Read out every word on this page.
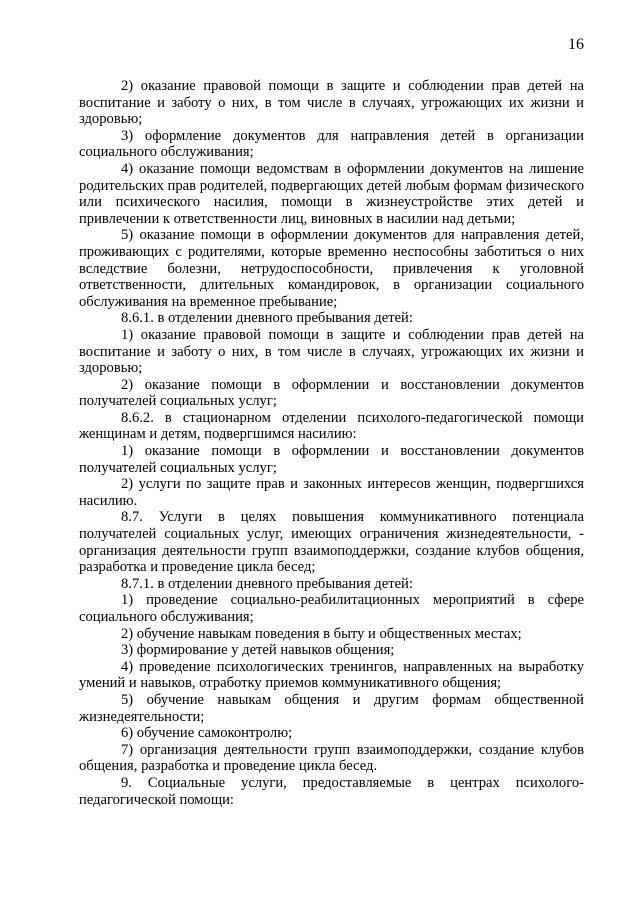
16

2) оказание правовой помощи в защите и соблюдении прав детей на воспитание и заботу о них, в том числе в случаях, угрожающих их жизни и здоровью;

3) оформление документов для направления детей в организации социального обслуживания;

4) оказание помощи ведомствам в оформлении документов на лишение родительских прав родителей, подвергающих детей любым формам физического или психического насилия, помощи в жизнеустройстве этих детей и привлечении к ответственности лиц, виновных в насилии над детьми;

5) оказание помощи в оформлении документов для направления детей, проживающих с родителями, которые временно неспособны заботиться о них вследствие болезни, нетрудоспособности, привлечения к уголовной ответственности, длительных командировок, в организации социального обслуживания на временное пребывание;

8.6.1. в отделении дневного пребывания детей:

1) оказание правовой помощи в защите и соблюдении прав детей на воспитание и заботу о них, в том числе в случаях, угрожающих их жизни и здоровью;

2) оказание помощи в оформлении и восстановлении документов получателей социальных услуг;

8.6.2. в стационарном отделении психолого-педагогической помощи женщинам и детям, подвергшимся насилию:

1) оказание помощи в оформлении и восстановлении документов получателей социальных услуг;

2) услуги по защите прав и законных интересов женщин, подвергшихся насилию.

8.7. Услуги в целях повышения коммуникативного потенциала получателей социальных услуг, имеющих ограничения жизнедеятельности, - организация деятельности групп взаимоподдержки, создание клубов общения, разработка и проведение цикла бесед;

8.7.1. в отделении дневного пребывания детей:

1) проведение социально-реабилитационных мероприятий в сфере социального обслуживания;

2) обучение навыкам поведения в быту и общественных местах;

3) формирование у детей навыков общения;

4) проведение психологических тренингов, направленных на выработку умений и навыков, отработку приемов коммуникативного общения;

5) обучение навыкам общения и другим формам общественной жизнедеятельности;

6) обучение самоконтролю;

7) организация деятельности групп взаимоподдержки, создание клубов общения, разработка и проведение цикла бесед.

9. Социальные услуги, предоставляемые в центрах психолого-педагогической помощи:
